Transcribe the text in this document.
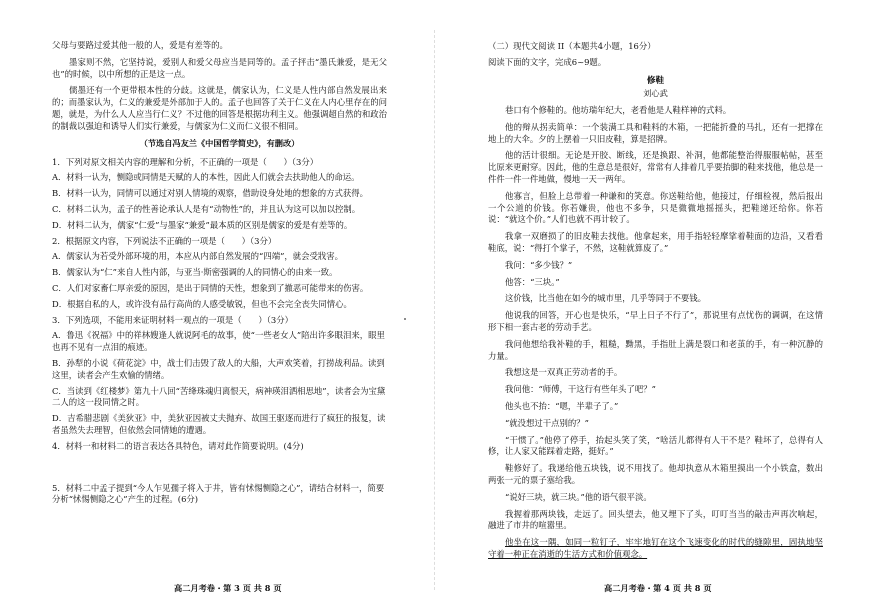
父母与要路过爱其他一般的人，爱是有差等的。

墨家则不然，它坚持说，爱别人和爱父母应当是同等的。孟子抨击“墨氏兼爱，是无父也”的时候，以中所想的正是这一点。

儒墨还有一个更带根本性的分歧。这就是，儒家认为，仁义是人性内部自然发展出来的；而墨家认为，仁义的兼爱是外部加于人的。孟子也回答了关于仁义在人内心里存在的问题，就是，为什么人人应当行仁义？不过他的回答是根据功利主义。他强调超自然的和政治的制裁以强迫和诱导人们实行兼爱，与儒家为仁义而仁义很不相同。

（节选自冯友兰《中国哲学简史》，有删改）

1．下列对原文相关内容的理解和分析，不正确的一项是（　　）（3分）

A．材料一认为，恻隐或同情是天赋的人的本性，因此人们就会去扶助他人的命运。

B．材料一认为，同情可以通过对别人情境的观察，借助设身处地的想象的方式获得。

C．材料二认为，孟子的性善论承认人是有“动物性”的，并且认为这可以加以控制。

D．材料二认为，儒家“仁爱”与墨家“兼爱”最本质的区别是儒家的爱是有差等的。

2．根据原文内容，下列说法不正确的一项是（　　）（3分）

A．儒家认为若受外部环境的用，本应从内部自然发展的“四端”，就会受戕害。

B．儒家认为“仁”来自人性内部，与亚当·斯密强调的人的同情心的由来一致。

C．人们对家畜仁厚亲爱的原因，是出于同情的天性，想象到了撤恶可能带来的伤害。

D．根据自私的人，或许没有品行高尚的人感受敏锐，但也不会完全丧失同情心。

3．下列选项，不能用来证明材料一观点的一项是（　　）（3分）

A．鲁迅《祝福》中的祥林嫂逢人就说阿毛的故事，使“一些老女人”陪出许多眼泪来，眼里也再不见有一点泪的痕迹。

B．孙犁的小说《荷花淀》中，战士们击毁了敌人的大船，大声欢笑着，打捞战利品。读到这里，读者会产生欢愉的情绪。

C．当读到《红楼梦》第九十八回“苦绛珠魂归离恨天，病神瑛泪洒相思地”，读者会为宝黛二人的这一段同情之时。

D．吉希腊悲剧《美狄亚》中，美狄亚因被丈夫抛弃、故国王驱逐而进行了疯狂的报复，读者虽然失去理智，但依然会同情她的遭遇。

4．材料一和材料二的语言表达各具特色，请对此作简要说明。(4分)

5．材料二中孟子提到“今人乍见孺子将入于井，皆有怵惕恻隐之心”，请结合材料一，简要分析“怵惕恻隐之心”产生的过程。(6分)

（二）现代文阅读 II（本题共4小题，16分）

阅读下面的文字，完成6~9题。

修鞋

刘心武

巷口有个修鞋的。他坊瑞年纪大，老看他是人鞋样神的式料。

他的辩从拐卖简单：一个装满工具和鞋料的木箱，一把能折叠的马扎，还有一把撑在地上的大伞。夕的上摆着一只旧皮鞋，算是招牌。

他的活计很细。无论是开胶、断线，还是换跟、补洞，他都能整治得服服帖帖，甚至比原来更耐穿。因此，他的生意总是很好，常常有人排着几乎要抬脚的鞋来找他，他总是一件件一件一件地做，慢地一天一两年。

他寡言，但脸上总带着一种谦和的笑意。你送鞋给他，他接过，仔细检视，然后报出一个公道的价钱。你若嫌贵，他也不多争，只是微微地摇摇头，把鞋递还给你。你若说：“就这个价。”人们也就不再计较了。

我拿一双磨损了的旧皮鞋去找他。他拿起来，用手指轻轻摩挲着鞋面的边沿，又看看鞋底，说：“得打个掌子，不然，这鞋就算废了。”

我问：“多少钱？”

他答：“三块。”

这价钱，比当他在如今的城市里，几乎等同于不要钱。

他说我的回答，开心也是快乐，“早上日子不行了”，那说里有点忧伤的调调，在这情形下相一套古老的劳动手艺。

我问他想给我补鞋的手，粗糙，黝黑，手指肚上满是裂口和老茧的手，有一种沉静的力量。

我想这是一双真正劳动者的手。

我问他：“师傅，干这行有些年头了吧？”

他头也不抬：“嗯，半辈子了。”

“就没想过干点别的？”

“干惯了。”他停了停手，抬起头笑了笑，“啥活儿都得有人干不是？鞋坏了，总得有人修，让人家又能踩着走路，挺好。”

鞋修好了。我递给他五块钱，说不用找了。他却执意从木箱里摸出一个小铁盒，数出两张一元的票子塞给我。

“说好三块，就三块。”他的语气很平淡。

我握着那两块钱，走远了。回头望去，他又埋下了头，叮叮当当的敲击声再次响起，融进了市井的喧嚣里。

他坐在这一隅，如同一粒钉子，牢牢地钉在这个飞速变化的时代的缝隙里，固执地坚守着一种正在消逝的生活方式和价值观念。

高二月考卷・第 3 页 共 8 页	高二月考卷・第 4 页 共 8 页
